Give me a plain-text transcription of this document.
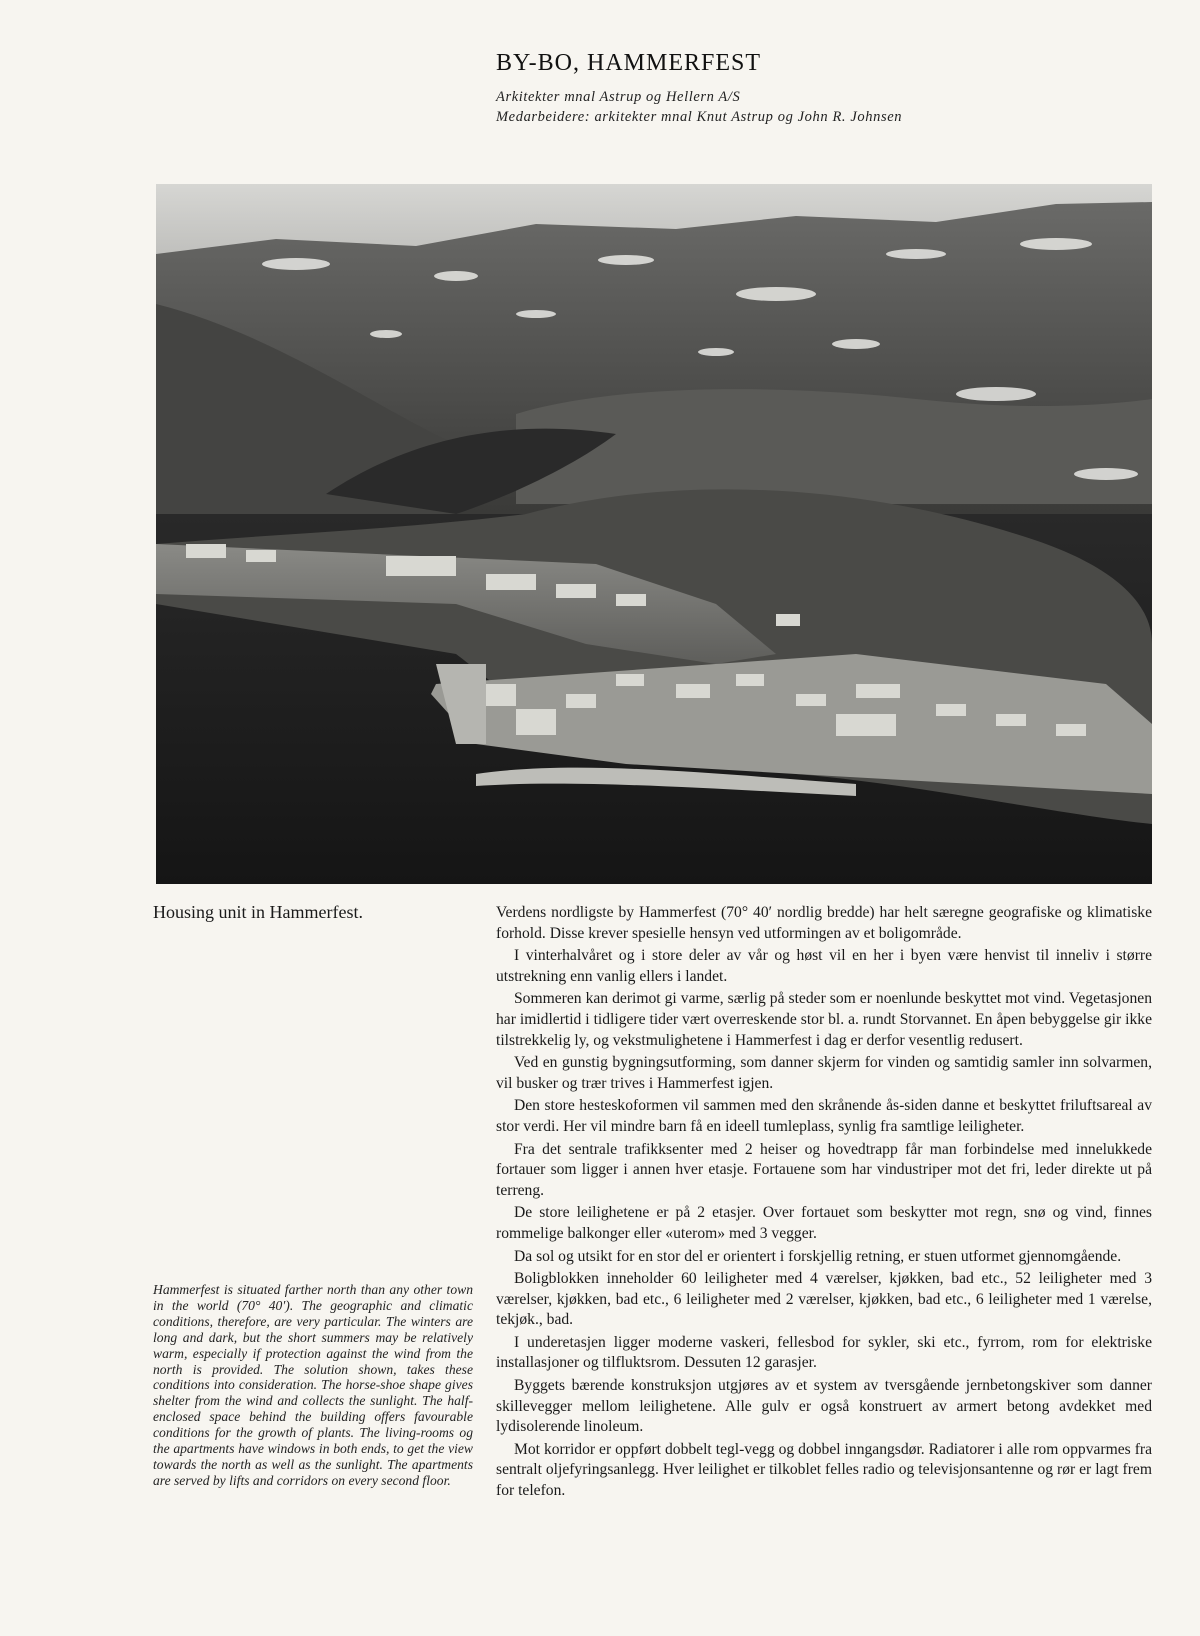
BY-BO, HAMMERFEST

Arkitekter mnal Astrup og Hellern A/S

Medarbeidere: arkitekter mnal Knut Astrup og John R. Johnsen

Housing unit in Hammerfest.

Hammerfest is situated farther north than any other town in the world (70° 40′). The geographic and climatic conditions, therefore, are very particular. The winters are long and dark, but the short summers may be relatively warm, especially if protection against the wind from the north is provided. The solution shown, takes these conditions into consideration. The horse-shoe shape gives shelter from the wind and collects the sunlight. The half-enclosed space behind the building offers favourable conditions for the growth of plants. The living-rooms og the apartments have windows in both ends, to get the view towards the north as well as the sunlight. The apartments are served by lifts and corridors on every second floor.

Verdens nordligste by Hammerfest (70° 40′ nordlig bredde) har helt særegne geografiske og klimatiske forhold. Disse krever spesielle hensyn ved utformingen av et boligområde.

I vinterhalvåret og i store deler av vår og høst vil en her i byen være henvist til inneliv i større utstrekning enn vanlig ellers i landet.

Sommeren kan derimot gi varme, særlig på steder som er noenlunde beskyttet mot vind. Vegetasjonen har imidlertid i tidligere tider vært overreskende stor bl. a. rundt Storvannet. En åpen bebyggelse gir ikke tilstrekkelig ly, og vekstmulighetene i Hammerfest i dag er derfor vesentlig redusert.

Ved en gunstig bygningsutforming, som danner skjerm for vinden og samtidig samler inn solvarmen, vil busker og trær trives i Hammerfest igjen.

Den store hesteskoformen vil sammen med den skrånende ås-siden danne et beskyttet friluftsareal av stor verdi. Her vil mindre barn få en ideell tumleplass, synlig fra samtlige leiligheter.

Fra det sentrale trafikksenter med 2 heiser og hovedtrapp får man forbindelse med innelukkede fortauer som ligger i annen hver etasje. Fortauene som har vindustriper mot det fri, leder direkte ut på terreng.

De store leilighetene er på 2 etasjer. Over fortauet som beskytter mot regn, snø og vind, finnes rommelige balkonger eller «uterom» med 3 vegger.

Da sol og utsikt for en stor del er orientert i forskjellig retning, er stuen utformet gjennomgående.

Boligblokken inneholder 60 leiligheter med 4 værelser, kjøkken, bad etc., 52 leiligheter med 3 værelser, kjøkken, bad etc., 6 leiligheter med 2 værelser, kjøkken, bad etc., 6 leiligheter med 1 værelse, tekjøk., bad.

I underetasjen ligger moderne vaskeri, fellesbod for sykler, ski etc., fyrrom, rom for elektriske installasjoner og tilfluktsrom. Dessuten 12 garasjer.

Byggets bærende konstruksjon utgjøres av et system av tversgående jernbetongskiver som danner skillevegger mellom leilighetene. Alle gulv er også konstruert av armert betong avdekket med lydisolerende linoleum.

Mot korridor er oppført dobbelt tegl-vegg og dobbel inngangsdør. Radiatorer i alle rom oppvarmes fra sentralt oljefyringsanlegg. Hver leilighet er tilkoblet felles radio og televisjonsantenne og rør er lagt frem for telefon.
